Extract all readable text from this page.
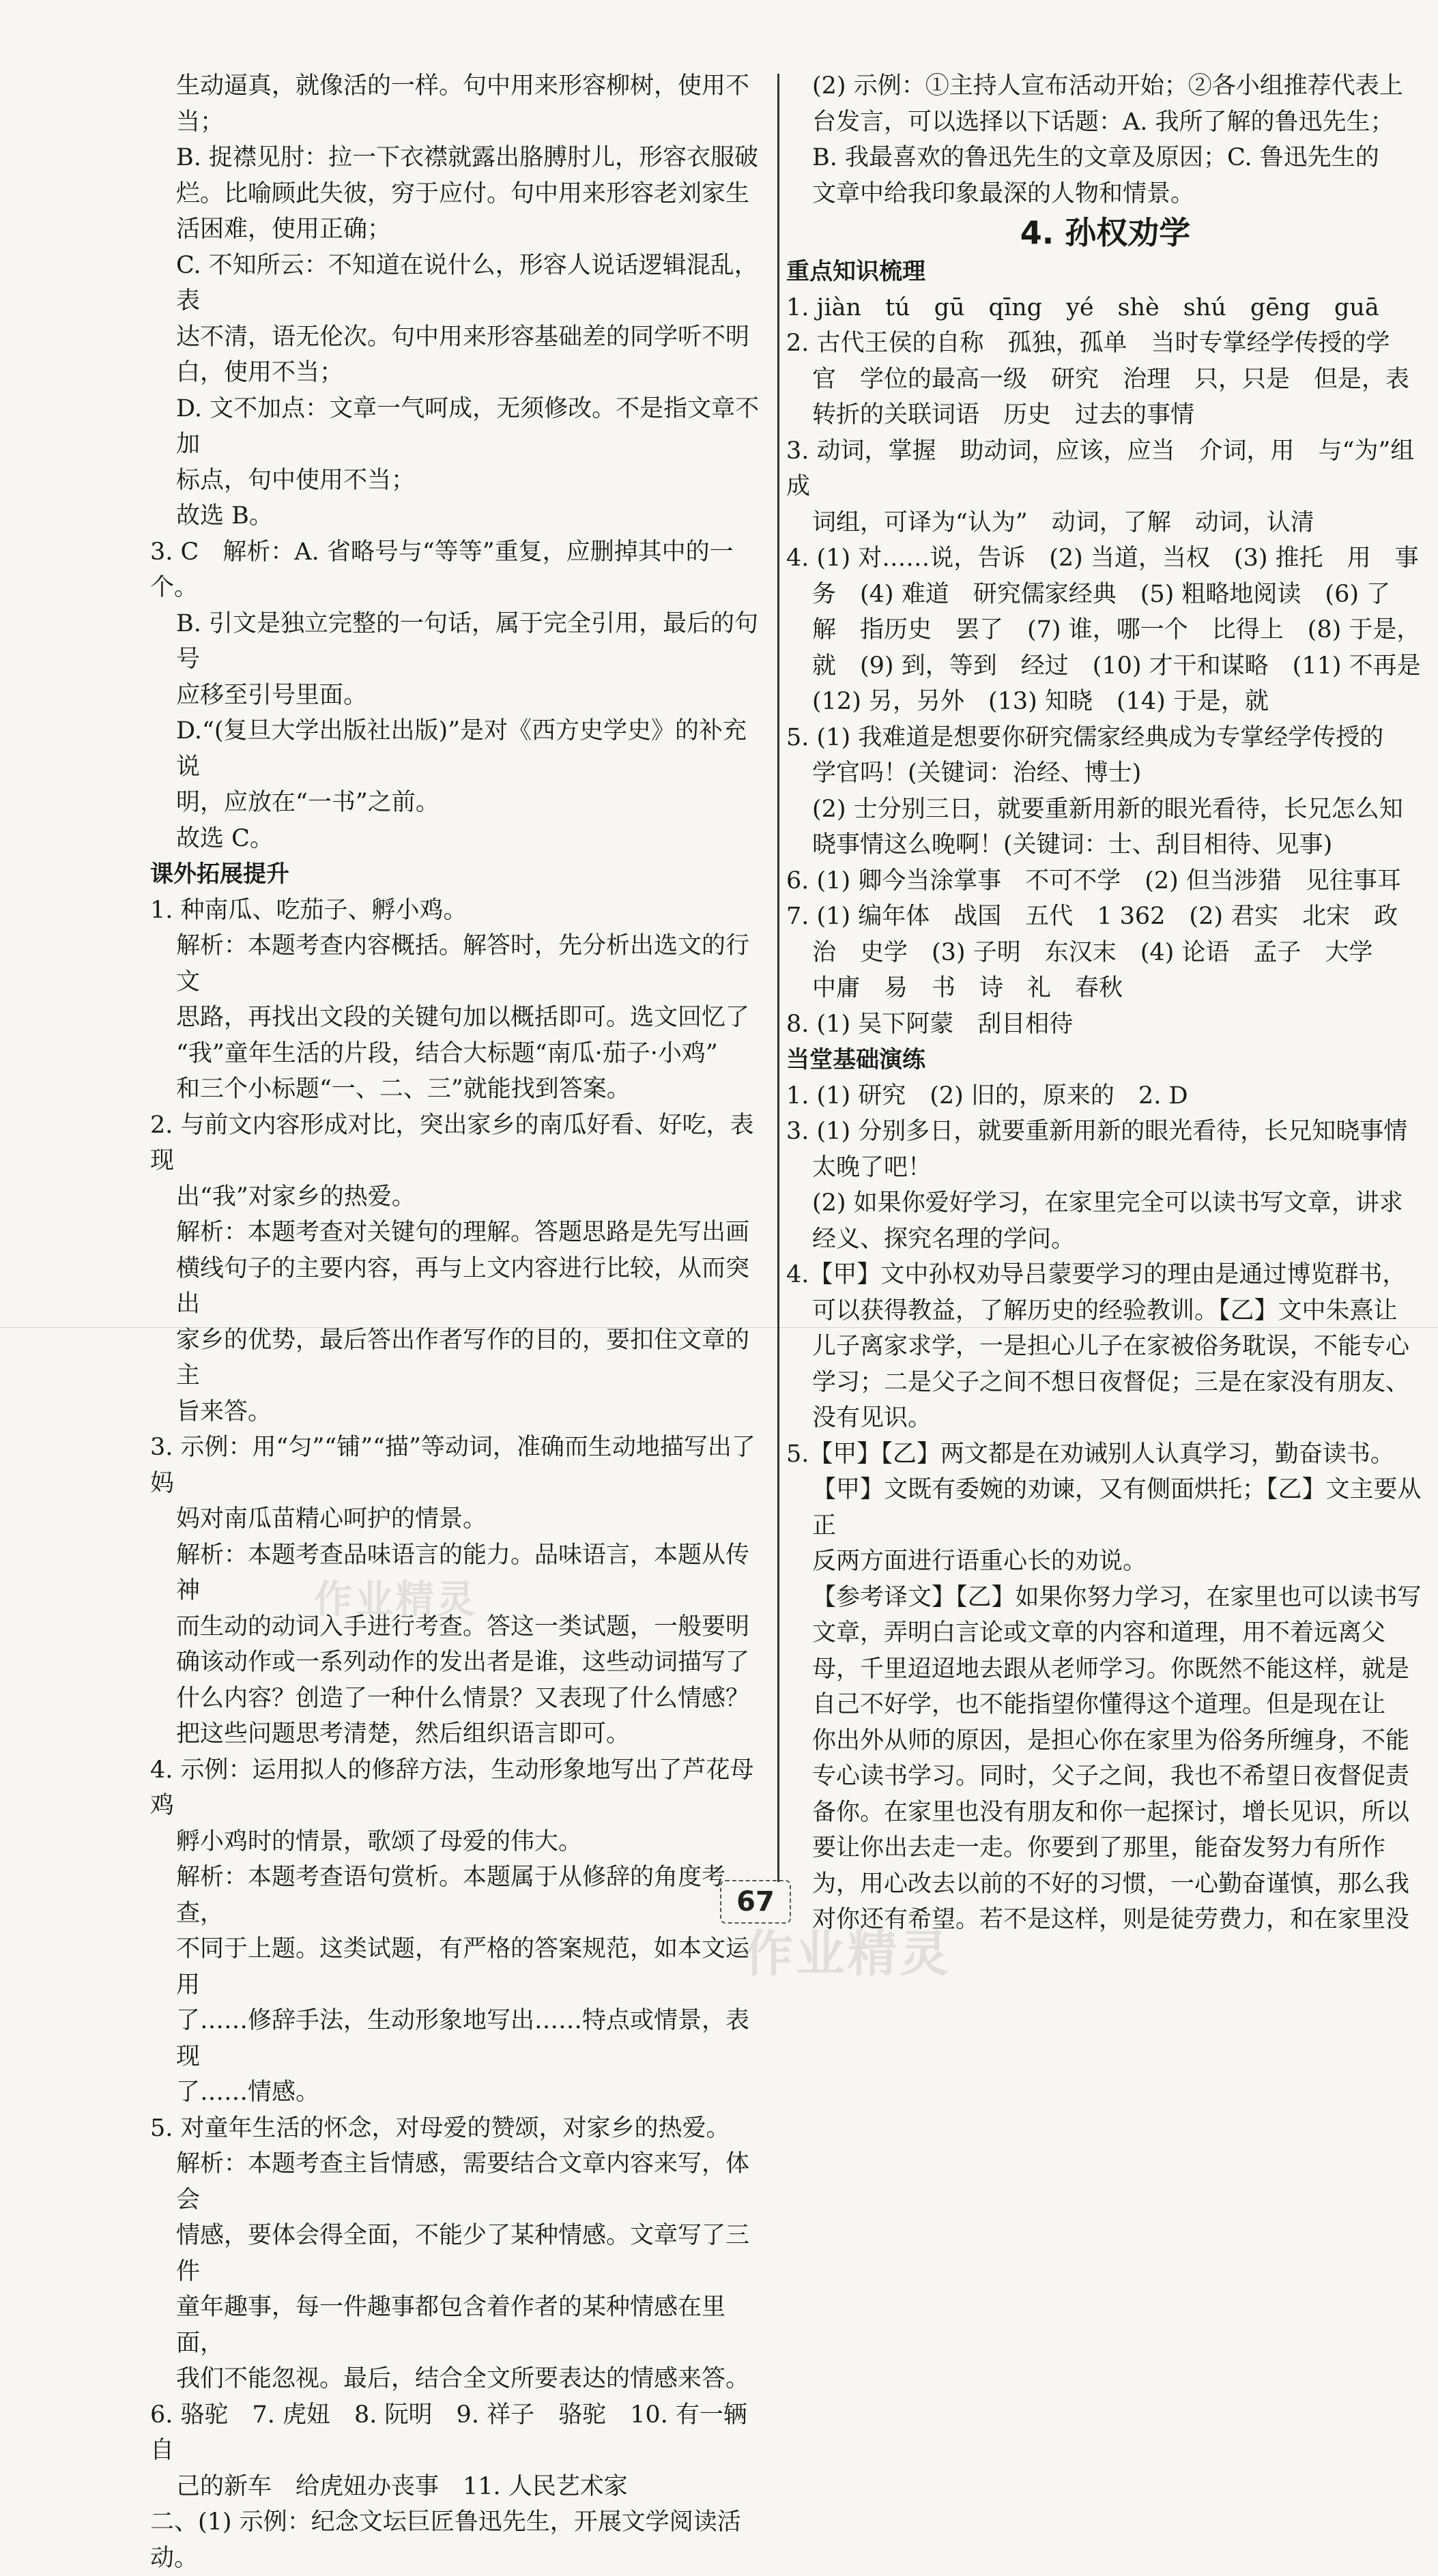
生动逼真，就像活的一样。句中用来形容柳树，使用不

当；

B. 捉襟见肘：拉一下衣襟就露出胳膊肘儿，形容衣服破

烂。比喻顾此失彼，穷于应付。句中用来形容老刘家生

活困难，使用正确；

C. 不知所云：不知道在说什么，形容人说话逻辑混乱，表

达不清，语无伦次。句中用来形容基础差的同学听不明

白，使用不当；

D. 文不加点：文章一气呵成，无须修改。不是指文章不加

标点，句中使用不当；

故选 B。

3. C　解析：A. 省略号与“等等”重复，应删掉其中的一个。

B. 引文是独立完整的一句话，属于完全引用，最后的句号

应移至引号里面。

D.“(复旦大学出版社出版)”是对《西方史学史》的补充说

明，应放在“一书”之前。

故选 C。

课外拓展提升

1. 种南瓜、吃茄子、孵小鸡。

解析：本题考查内容概括。解答时，先分析出选文的行文

思路，再找出文段的关键句加以概括即可。选文回忆了

“我”童年生活的片段，结合大标题“南瓜·茄子·小鸡”

和三个小标题“一、二、三”就能找到答案。

2. 与前文内容形成对比，突出家乡的南瓜好看、好吃，表现

出“我”对家乡的热爱。

解析：本题考查对关键句的理解。答题思路是先写出画

横线句子的主要内容，再与上文内容进行比较，从而突出

家乡的优势，最后答出作者写作的目的，要扣住文章的主

旨来答。

3. 示例：用“匀”“铺”“描”等动词，准确而生动地描写出了妈

妈对南瓜苗精心呵护的情景。

解析：本题考查品味语言的能力。品味语言，本题从传神

而生动的动词入手进行考查。答这一类试题，一般要明

确该动作或一系列动作的发出者是谁，这些动词描写了

什么内容？创造了一种什么情景？又表现了什么情感？

把这些问题思考清楚，然后组织语言即可。

4. 示例：运用拟人的修辞方法，生动形象地写出了芦花母鸡

孵小鸡时的情景，歌颂了母爱的伟大。

解析：本题考查语句赏析。本题属于从修辞的角度考查，

不同于上题。这类试题，有严格的答案规范，如本文运用

了……修辞手法，生动形象地写出……特点或情景，表现

了……情感。

5. 对童年生活的怀念，对母爱的赞颂，对家乡的热爱。

解析：本题考查主旨情感，需要结合文章内容来写，体会

情感，要体会得全面，不能少了某种情感。文章写了三件

童年趣事，每一件趣事都包含着作者的某种情感在里面，

我们不能忽视。最后，结合全文所要表达的情感来答。

6. 骆驼　7. 虎妞　8. 阮明　9. 祥子　骆驼　10. 有一辆自

己的新车　给虎妞办丧事　11. 人民艺术家

二、(1) 示例：纪念文坛巨匠鲁迅先生，开展文学阅读活动。

(2) 示例：①主持人宣布活动开始；②各小组推荐代表上

台发言，可以选择以下话题：A. 我所了解的鲁迅先生；

B. 我最喜欢的鲁迅先生的文章及原因；C. 鲁迅先生的

文章中给我印象最深的人物和情景。

4. 孙权劝学

重点知识梳理

1. jiàn　tú　gū　qīng　yé　shè　shú　gēng　guā

2. 古代王侯的自称　孤独，孤单　当时专掌经学传授的学

官　学位的最高一级　研究　治理　只，只是　但是，表

转折的关联词语　历史　过去的事情

3. 动词，掌握　助动词，应该，应当　介词，用　与“为”组成

词组，可译为“认为”　动词，了解　动词，认清

4. (1) 对……说，告诉　(2) 当道，当权　(3) 推托　用　事

务　(4) 难道　研究儒家经典　(5) 粗略地阅读　(6) 了

解　指历史　罢了　(7) 谁，哪一个　比得上　(8) 于是，

就　(9) 到，等到　经过　(10) 才干和谋略　(11) 不再是

(12) 另，另外　(13) 知晓　(14) 于是，就

5. (1) 我难道是想要你研究儒家经典成为专掌经学传授的

学官吗！(关键词：治经、博士)

(2) 士分别三日，就要重新用新的眼光看待，长兄怎么知

晓事情这么晚啊！(关键词：士、刮目相待、见事)

6. (1) 卿今当涂掌事　不可不学　(2) 但当涉猎　见往事耳

7. (1) 编年体　战国　五代　1 362　(2) 君实　北宋　政

治　史学　(3) 子明　东汉末　(4) 论语　孟子　大学

中庸　易　书　诗　礼　春秋

8. (1) 吴下阿蒙　刮目相待

当堂基础演练

1. (1) 研究　(2) 旧的，原来的　2. D

3. (1) 分别多日，就要重新用新的眼光看待，长兄知晓事情

太晚了吧！

(2) 如果你爱好学习，在家里完全可以读书写文章，讲求

经义、探究名理的学问。

4.【甲】文中孙权劝导吕蒙要学习的理由是通过博览群书，

可以获得教益，了解历史的经验教训。【乙】文中朱熹让

儿子离家求学，一是担心儿子在家被俗务耽误，不能专心

学习；二是父子之间不想日夜督促；三是在家没有朋友、

没有见识。

5.【甲】【乙】两文都是在劝诫别人认真学习，勤奋读书。

【甲】文既有委婉的劝谏，又有侧面烘托；【乙】文主要从正

反两方面进行语重心长的劝说。

【参考译文】【乙】如果你努力学习，在家里也可以读书写

文章，弄明白言论或文章的内容和道理，用不着远离父

母，千里迢迢地去跟从老师学习。你既然不能这样，就是

自己不好学，也不能指望你懂得这个道理。但是现在让

你出外从师的原因，是担心你在家里为俗务所缠身，不能

专心读书学习。同时，父子之间，我也不希望日夜督促责

备你。在家里也没有朋友和你一起探讨，增长见识，所以

要让你出去走一走。你要到了那里，能奋发努力有所作

为，用心改去以前的不好的习惯，一心勤奋谨慎，那么我

对你还有希望。若不是这样，则是徒劳费力，和在家里没

作业精灵
作业精灵
67
